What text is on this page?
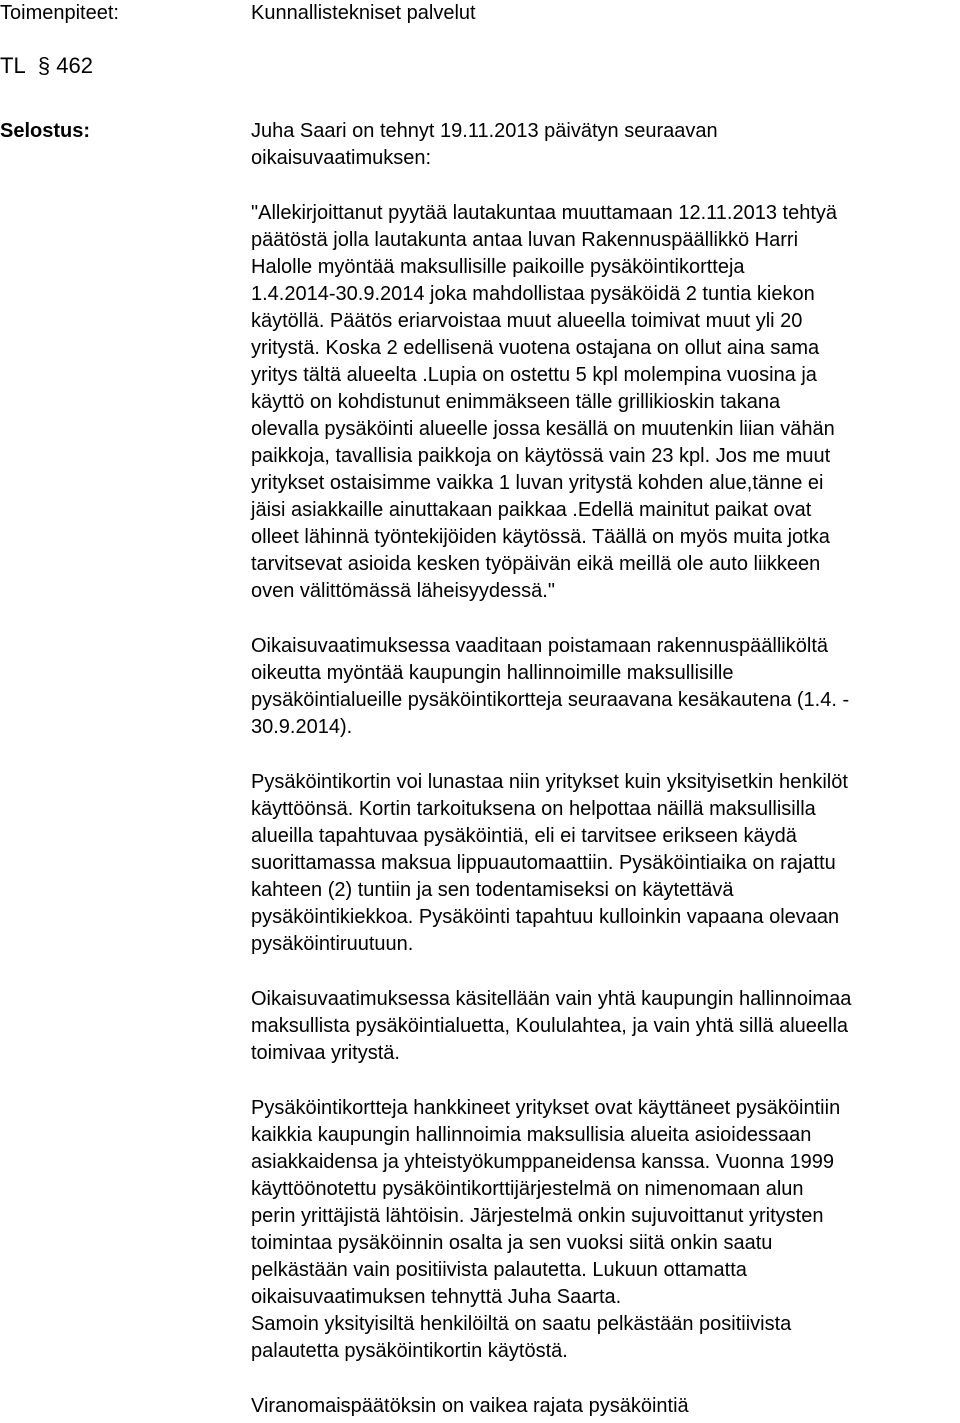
Toimenpiteet:	Kunnallistekniset palvelut
TL § 462
Selostus:	Juha Saari on tehnyt 19.11.2013 päivätyn seuraavan
oikaisuvaatimuksen:
"Allekirjoittanut pyytää lautakuntaa muuttamaan 12.11.2013 tehtyä
päätöstä jolla lautakunta antaa luvan Rakennuspäällikkö Harri
Halolle myöntää maksullisille paikoille pysäköintikortteja
1.4.2014-30.9.2014 joka mahdollistaa pysäköidä 2 tuntia kiekon
käytöllä. Päätös eriarvoistaa muut alueella toimivat muut yli 20
yritystä. Koska 2 edellisenä vuotena ostajana on ollut aina sama
yritys tältä alueelta .Lupia on ostettu 5 kpl molempina vuosina ja
käyttö on kohdistunut enimmäkseen tälle grillikioskin takana
olevalla pysäköinti alueelle jossa kesällä on muutenkin liian vähän
paikkoja, tavallisia paikkoja on käytössä vain 23 kpl. Jos me muut
yritykset ostaisimme vaikka 1 luvan yritystä kohden alue,tänne ei
jäisi asiakkaille ainuttakaan paikkaa .Edellä mainitut paikat ovat
olleet lähinnä työntekijöiden käytössä. Täällä on myös muita jotka
tarvitsevat asioida kesken työpäivän eikä meillä ole auto liikkeen
oven välittömässä läheisyydessä."
Oikaisuvaatimuksessa vaaditaan poistamaan rakennuspäälliköltä
oikeutta myöntää kaupungin hallinnoimille maksullisille
pysäköintialueille pysäköintikortteja seuraavana kesäkautena (1.4. -
30.9.2014).
Pysäköintikortin voi lunastaa niin yritykset kuin yksityisetkin henkilöt
käyttöönsä. Kortin tarkoituksena on helpottaa näillä maksullisilla
alueilla tapahtuvaa pysäköintiä, eli ei tarvitsee erikseen käydä
suorittamassa maksua lippuautomaattiin. Pysäköintiaika on rajattu
kahteen (2) tuntiin ja sen todentamiseksi on käytettävä
pysäköintikiekkoa. Pysäköinti tapahtuu kulloinkin vapaana olevaan
pysäköintiruutuun.
Oikaisuvaatimuksessa käsitellään vain yhtä kaupungin hallinnoimaa
maksullista pysäköintialuetta, Koululahtea, ja vain yhtä sillä alueella
toimivaa yritystä.
Pysäköintikortteja hankkineet yritykset ovat käyttäneet pysäköintiin
kaikkia kaupungin hallinnoimia maksullisia alueita asioidessaan
asiakkaidensa ja yhteistyökumppaneidensa kanssa. Vuonna 1999
käyttöönotettu pysäköintikorttijärjestelmä on nimenomaan alun
perin yrittäjistä lähtöisin. Järjestelmä onkin sujuvoittanut yritysten
toimintaa pysäköinnin osalta ja sen vuoksi siitä onkin saatu
pelkästään vain positiivista palautetta. Lukuun ottamatta
oikaisuvaatimuksen tehnyttä Juha Saarta.
Samoin yksityisiltä henkilöiltä on saatu pelkästään positiivista
palautetta pysäköintikortin käytöstä.
Viranomaispäätöksin on vaikea rajata pysäköintiä
